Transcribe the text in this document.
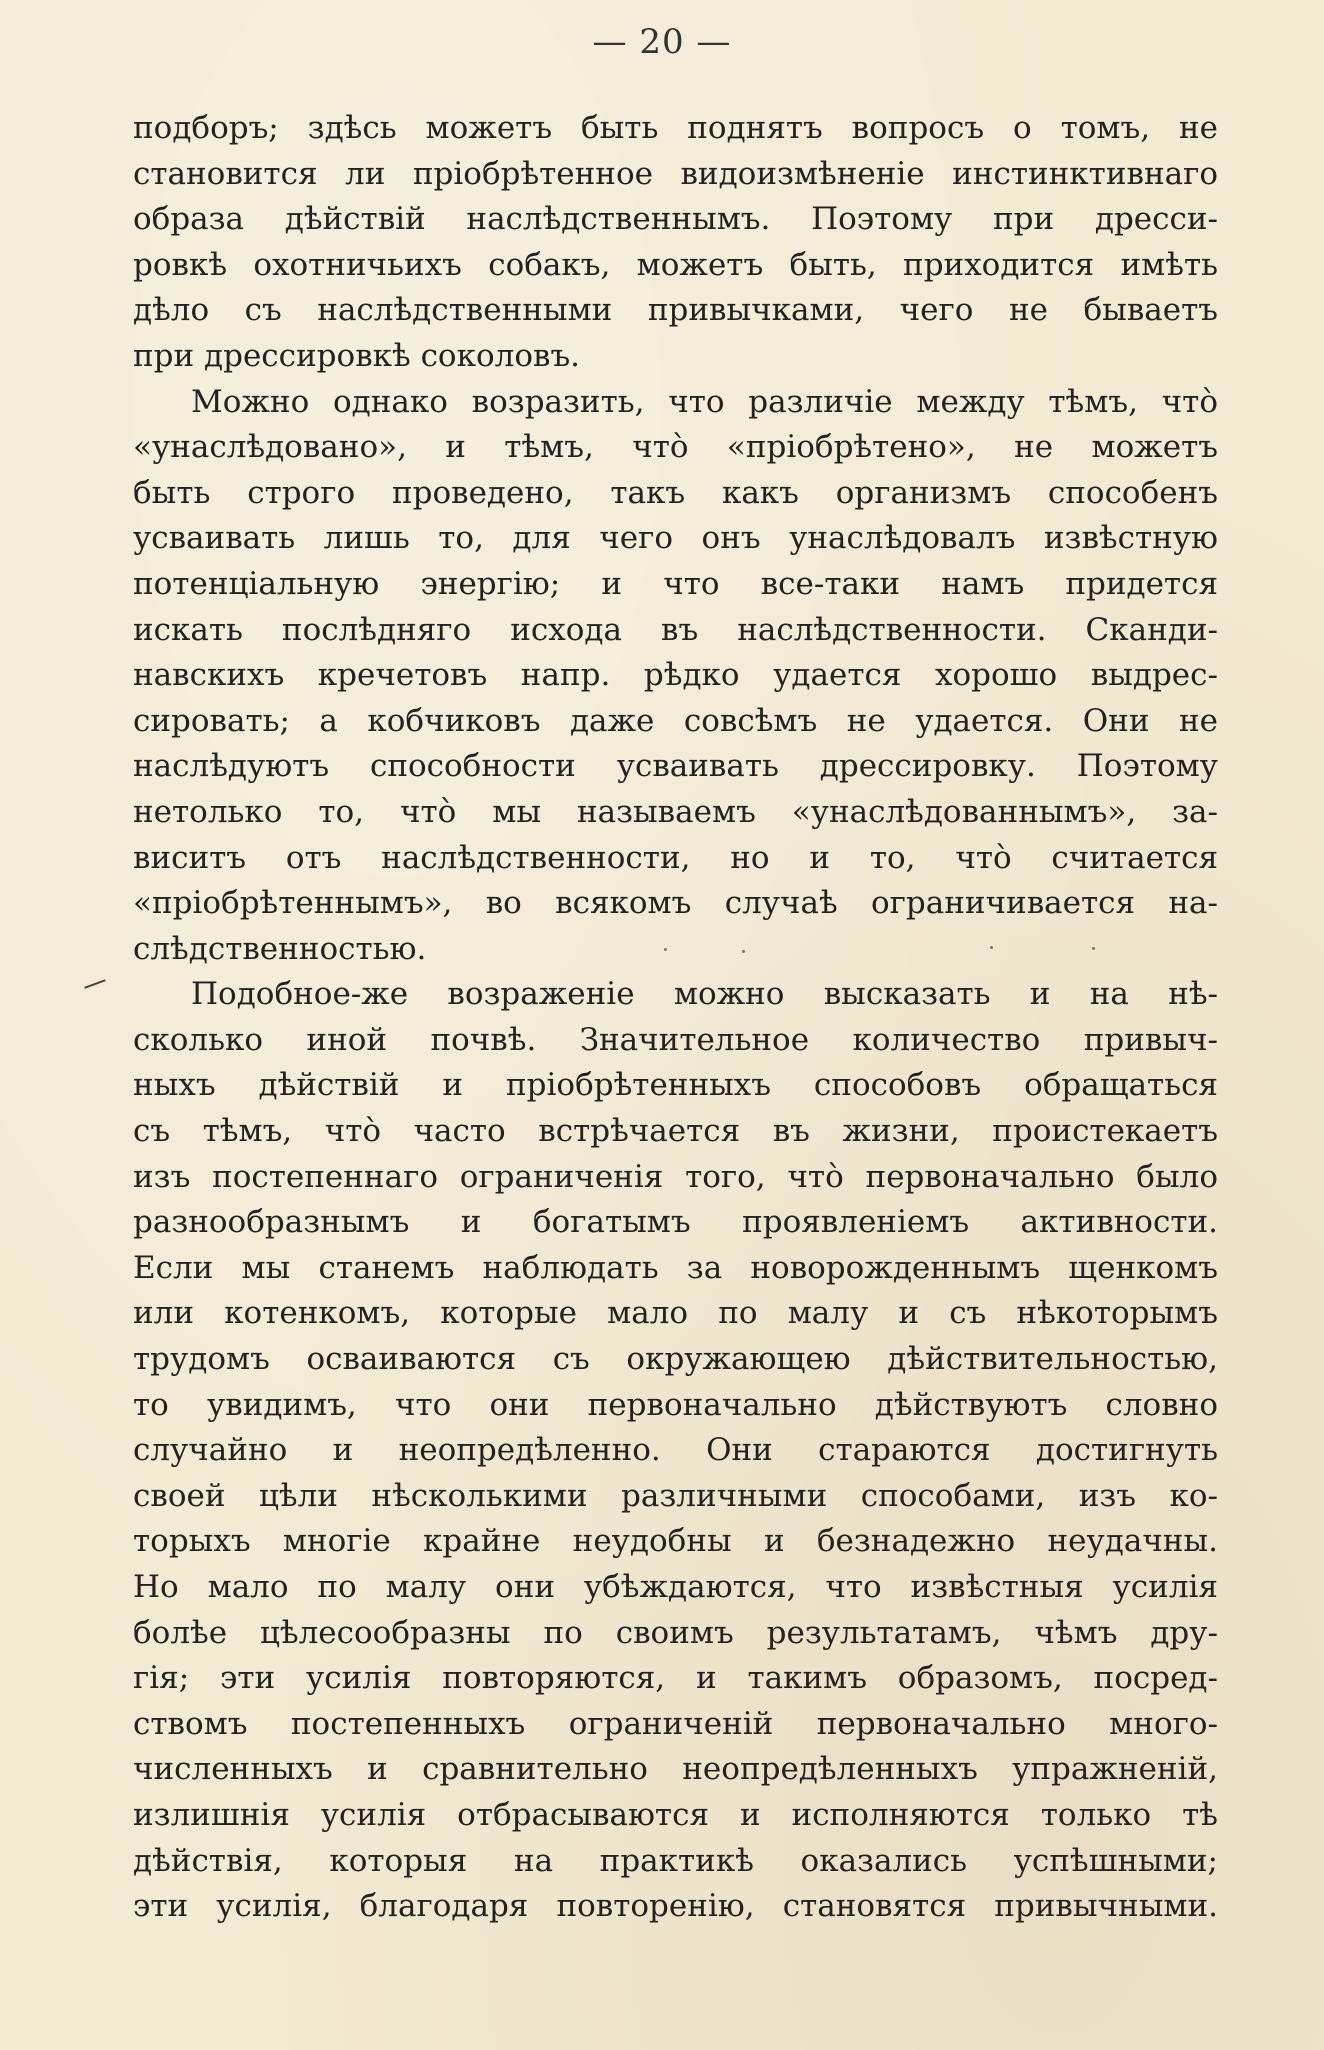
— 20 —
подборъ; здѣсь можетъ быть поднятъ вопросъ о томъ, не
становится ли пріобрѣтенное видоизмѣненіе инстинктивнаго
образа дѣйствій наслѣдственнымъ. Поэтому при дресси-
ровкѣ охотничьихъ собакъ, можетъ быть, приходится имѣть
дѣло съ наслѣдственными привычками, чего не бываетъ
при дрессировкѣ соколовъ.
Можно однако возразить, что различіе между тѣмъ, что̀
«унаслѣдовано», и тѣмъ, что̀ «пріобрѣтено», не можетъ
быть строго проведено, такъ какъ организмъ способенъ
усваивать лишь то, для чего онъ унаслѣдовалъ извѣстную
потенціальную энергію; и что все-таки намъ придется
искать послѣдняго исхода въ наслѣдственности. Сканди-
навскихъ кречетовъ напр. рѣдко удается хорошо выдрес-
сировать; а кобчиковъ даже совсѣмъ не удается. Они не
наслѣдуютъ способности усваивать дрессировку. Поэтому
нетолько то, что̀ мы называемъ «унаслѣдованнымъ», за-
виситъ отъ наслѣдственности, но и то, что̀ считается
«пріобрѣтеннымъ», во всякомъ случаѣ ограничивается на-
слѣдственностью.
Подобное-же возраженіе можно высказать и на нѣ-
сколько иной почвѣ. Значительное количество привыч-
ныхъ дѣйствій и пріобрѣтенныхъ способовъ обращаться
съ тѣмъ, что̀ часто встрѣчается въ жизни, проистекаетъ
изъ постепеннаго ограниченія того, что̀ первоначально было
разнообразнымъ и богатымъ проявленіемъ активности.
Если мы станемъ наблюдать за новорожденнымъ щенкомъ
или котенкомъ, которые мало по малу и съ нѣкоторымъ
трудомъ осваиваются съ окружающею дѣйствительностью,
то увидимъ, что они первоначально дѣйствуютъ словно
случайно и неопредѣленно. Они стараются достигнуть
своей цѣли нѣсколькими различными способами, изъ ко-
торыхъ многіе крайне неудобны и безнадежно неудачны.
Но мало по малу они убѣждаются, что извѣстныя усилія
болѣе цѣлесообразны по своимъ результатамъ, чѣмъ дру-
гія; эти усилія повторяются, и такимъ образомъ, посред-
ствомъ постепенныхъ ограниченій первоначально много-
численныхъ и сравнительно неопредѣленныхъ упражненій,
излишнія усилія отбрасываются и исполняются только тѣ
дѣйствія, которыя на практикѣ оказались успѣшными;
эти усилія, благодаря повторенію, становятся привычными.
